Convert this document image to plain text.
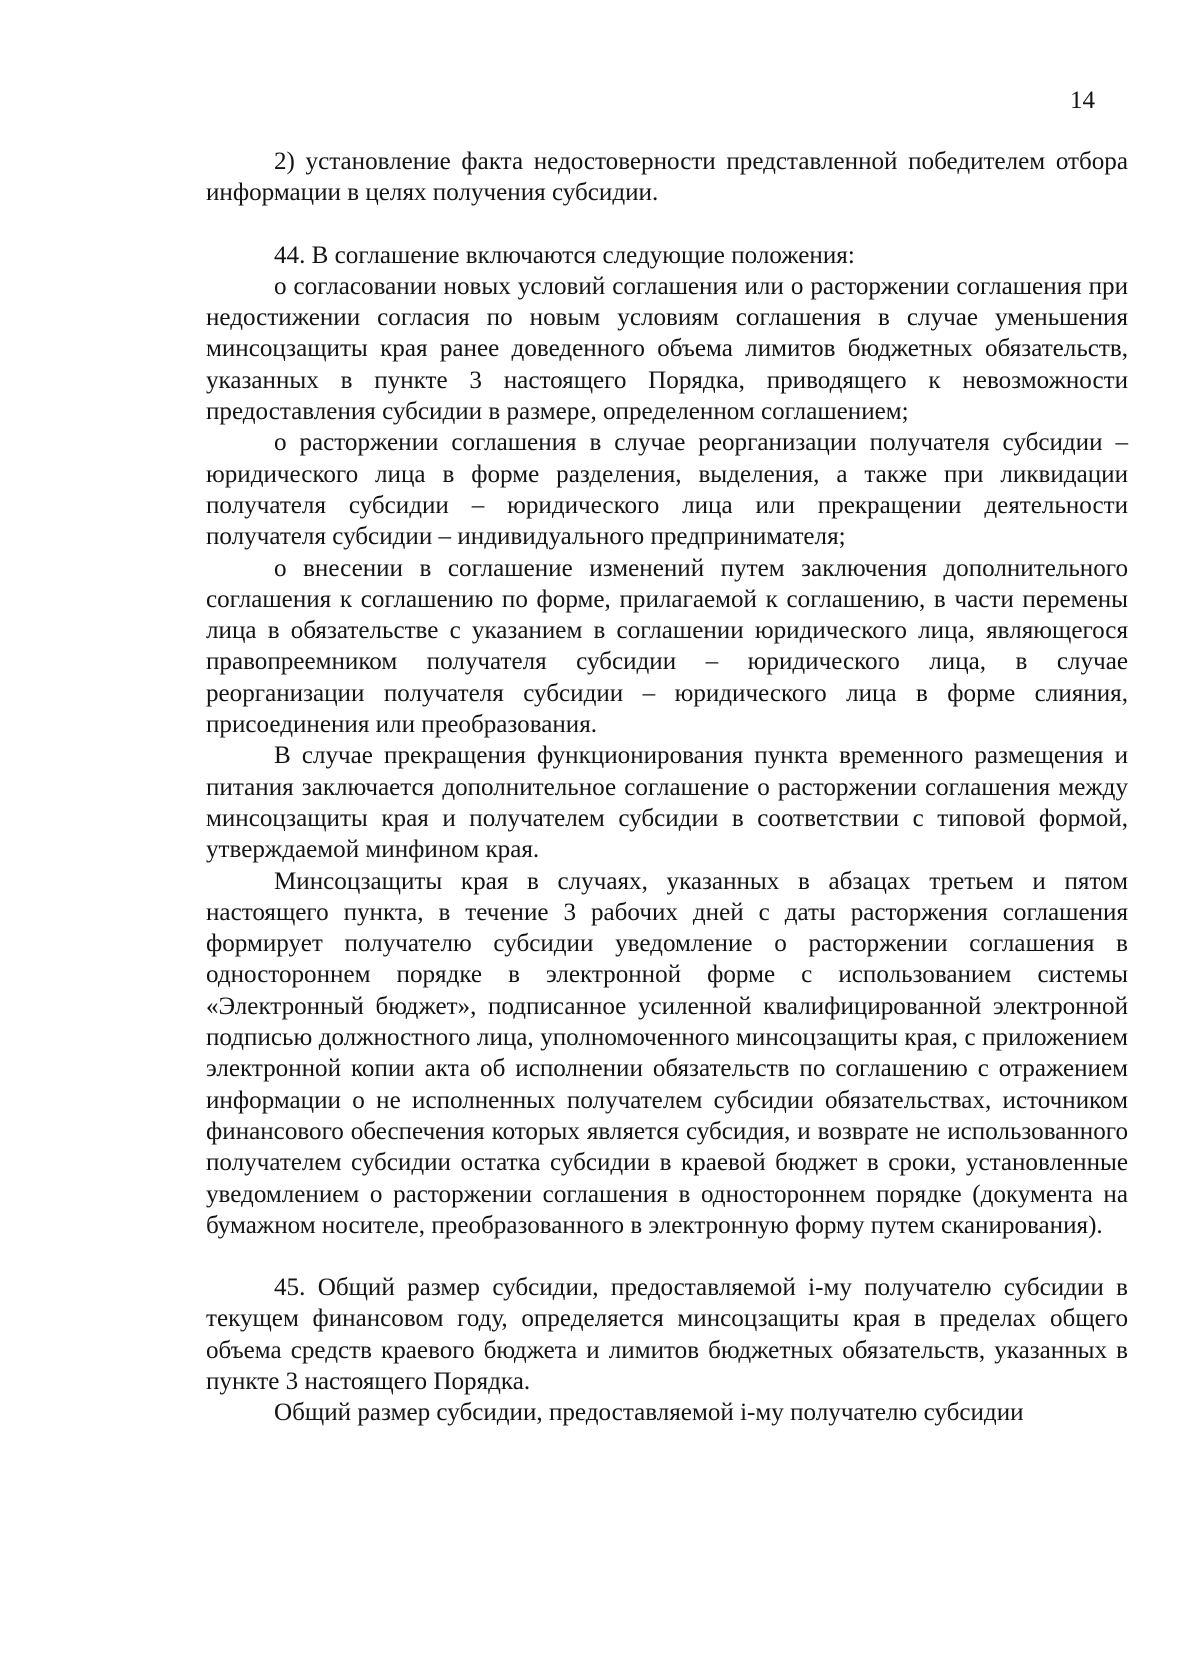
14

2) установление факта недостоверности представленной победителем отбора информации в целях получения субсидии.

44. В соглашение включаются следующие положения:

о согласовании новых условий соглашения или о расторжении соглашения при недостижении согласия по новым условиям соглашения в случае уменьшения минсоцзащиты края ранее доведенного объема лимитов бюджетных обязательств, указанных в пункте 3 настоящего Порядка, приводящего к невозможности предоставления субсидии в размере, определенном соглашением;

о расторжении соглашения в случае реорганизации получателя субсидии – юридического лица в форме разделения, выделения, а также при ликвидации получателя субсидии – юридического лица или прекращении деятельности получателя субсидии – индивидуального предпринимателя;

о внесении в соглашение изменений путем заключения дополнительного соглашения к соглашению по форме, прилагаемой к соглашению, в части перемены лица в обязательстве с указанием в соглашении юридического лица, являющегося правопреемником получателя субсидии – юридического лица, в случае реорганизации получателя субсидии – юридического лица в форме слияния, присоединения или преобразования.

В случае прекращения функционирования пункта временного размещения и питания заключается дополнительное соглашение о расторжении соглашения между минсоцзащиты края и получателем субсидии в соответствии с типовой формой, утверждаемой минфином края.

Минсоцзащиты края в случаях, указанных в абзацах третьем и пятом настоящего пункта, в течение 3 рабочих дней с даты расторжения соглашения формирует получателю субсидии уведомление о расторжении соглашения в одностороннем порядке в электронной форме с использованием системы «Электронный бюджет», подписанное усиленной квалифицированной электронной подписью должностного лица, уполномоченного минсоцзащиты края, с приложением электронной копии акта об исполнении обязательств по соглашению с отражением информации о не исполненных получателем субсидии обязательствах, источником финансового обеспечения которых является субсидия, и возврате не использованного получателем субсидии остатка субсидии в краевой бюджет в сроки, установленные уведомлением о расторжении соглашения в одностороннем порядке (документа на бумажном носителе, преобразованного в электронную форму путем сканирования).

45. Общий размер субсидии, предоставляемой i-му получателю субсидии в текущем финансовом году, определяется минсоцзащиты края в пределах общего объема средств краевого бюджета и лимитов бюджетных обязательств, указанных в пункте 3 настоящего Порядка.

Общий размер субсидии, предоставляемой i-му получателю субсидии
